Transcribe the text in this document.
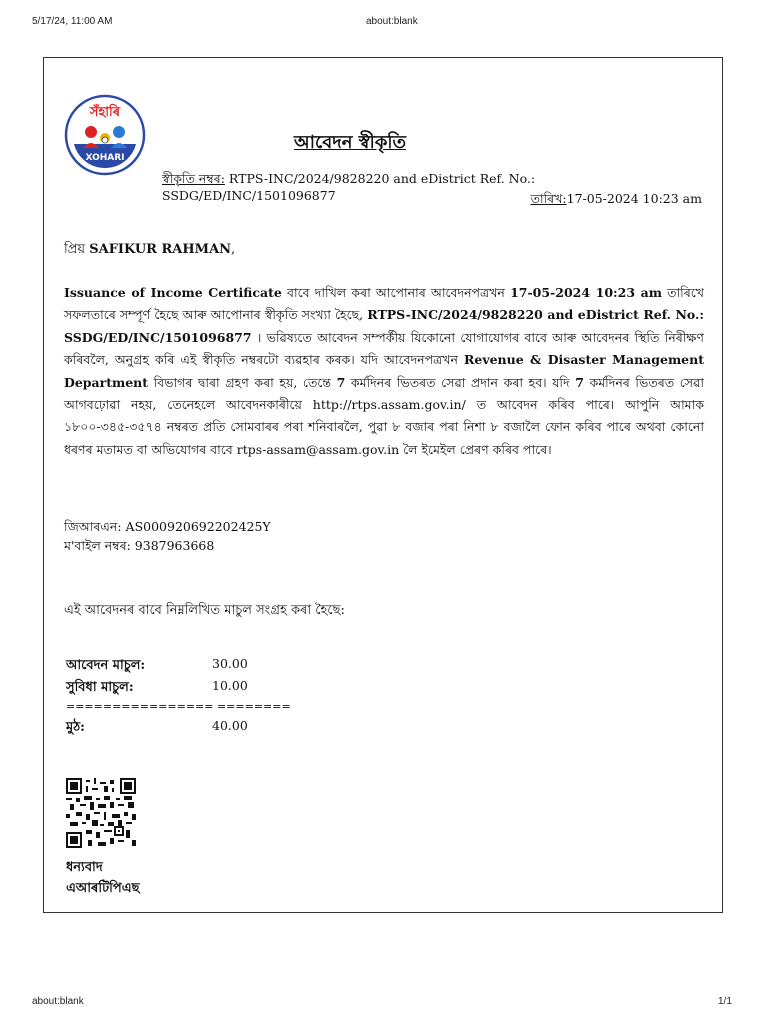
5/17/24, 11:00 AM	about:blank
সঁহাৰি
XOHARI
আবেদন স্বীকৃতি
স্বীকৃতি নম্বৰ: RTPS-INC/2024/9828220 and eDistrict Ref. No.: SSDG/ED/INC/1501096877	তাৰিখ:17-05-2024 10:23 am
প্ৰিয় SAFIKUR RAHMAN,
Issuance of Income Certificate বাবে দাখিল কৰা আপোনাৰ আবেদনপত্ৰখন 17-05-2024 10:23 am তাৰিখে সফলতাৰে সম্পূৰ্ণ হৈছে আৰু আপোনাৰ স্বীকৃতি সংখ্যা হৈছে, RTPS-INC/2024/9828220 and eDistrict Ref. No.: SSDG/ED/INC/1501096877 । ভৱিষ্যতে আবেদন সম্পৰ্কীয় যিকোনো যোগাযোগৰ বাবে আৰু আবেদনৰ স্থিতি নিৰীক্ষণ কৰিবলৈ, অনুগ্ৰহ কৰি এই স্বীকৃতি নম্বৰটো ব্যৱহাৰ কৰক। যদি আবেদনপত্ৰখন Revenue & Disaster Management Department বিভাগৰ দ্বাৰা গ্ৰহণ কৰা হয়, তেন্তে 7 কৰ্মদিনৰ ভিতৰত সেৱা প্ৰদান কৰা হব। যদি 7 কৰ্মদিনৰ ভিতৰত সেৱা আগবঢ়োৱা নহয়, তেনেহলে আবেদনকাৰীয়ে http://rtps.assam.gov.in/ ত আবেদন কৰিব পাৰে। আপুনি আমাক ১৮০০-৩৪৫-৩৫৭৪ নম্বৰত প্ৰতি সোমবাৰৰ পৰা শনিবাৰলৈ, পুৱা ৮ বজাৰ পৰা নিশা ৮ বজালৈ ফোন কৰিব পাৰে অথবা কোনো ধৰণৰ মতামত বা অভিযোগৰ বাবে rtps-assam@assam.gov.in লৈ ইমেইল প্ৰেৰণ কৰিব পাৰে।
জিআৰএন: AS000920692202425Y
ম'বাইল নম্বৰ: 9387963668
এই আবেদনৰ বাবে নিম্নলিখিত মাচুল সংগ্ৰহ কৰা হৈছে:
আবেদন মাচুল:	30.00
সুবিধা মাচুল:	10.00
================ ========
মুঠ:	40.00
ধন্যবাদ
এআৰটিপিএছ
about:blank	1/1
